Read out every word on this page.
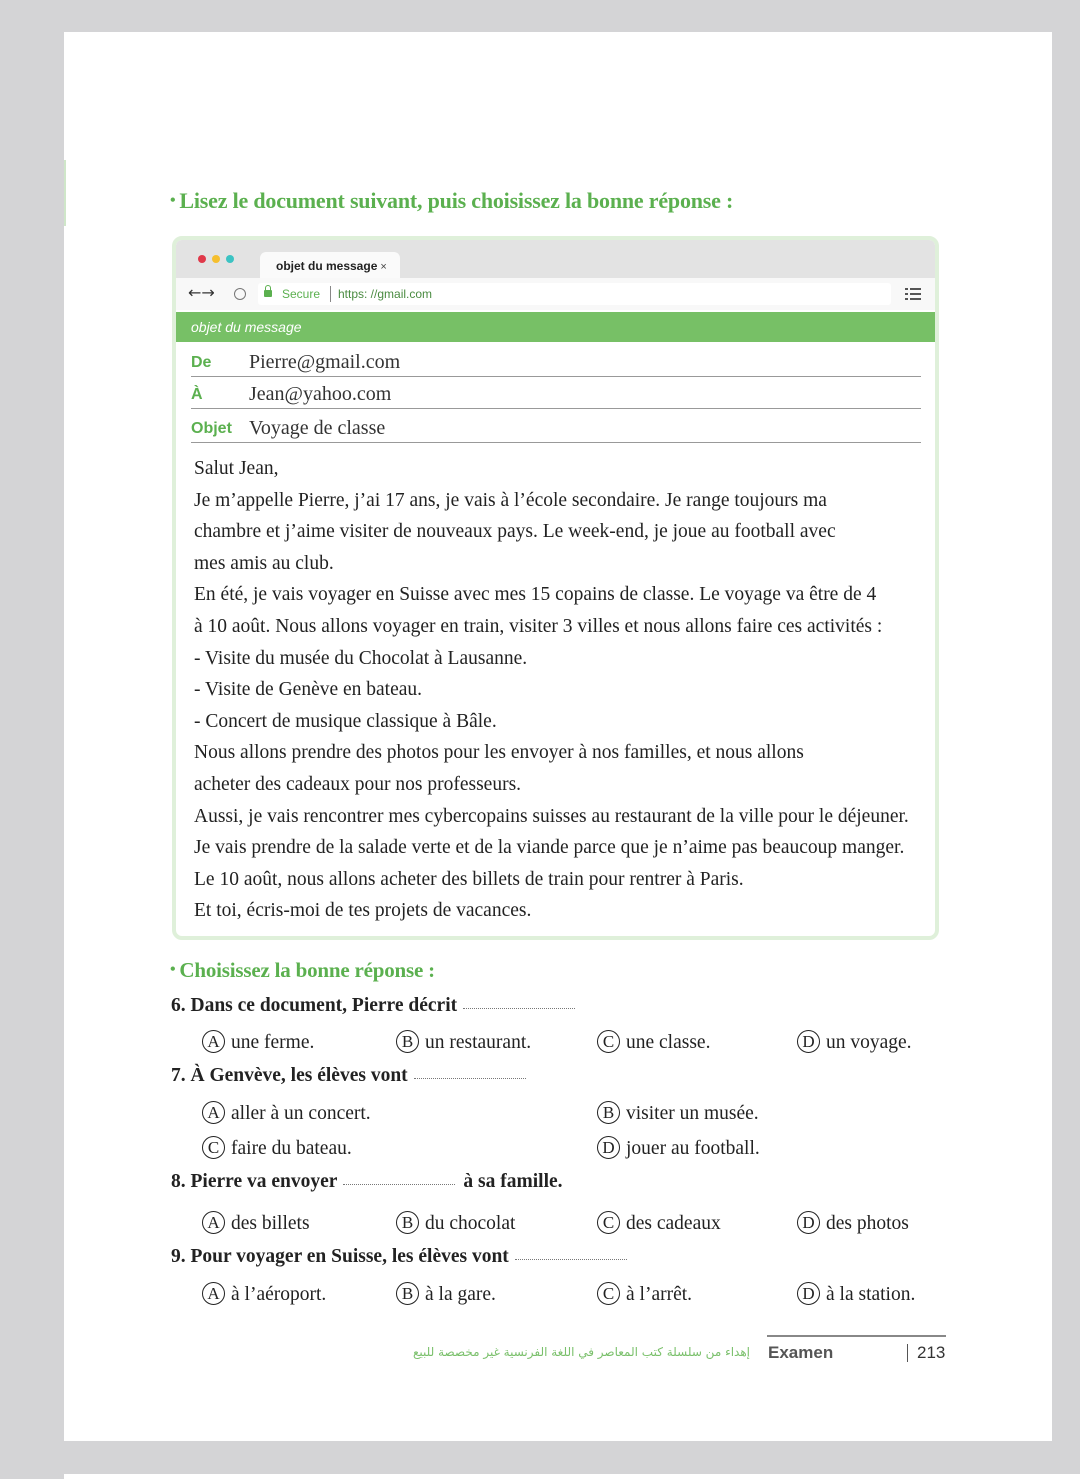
• Lisez le document suivant, puis choisissez la bonne réponse :
objet du message ×
←→	Secure https: //gmail.com
objet du message
De Pierre@gmail.com
À Jean@yahoo.com
Objet Voyage de classe
Salut Jean,
Je m’appelle Pierre, j’ai 17 ans, je vais à l’école secondaire. Je range toujours ma
chambre et j’aime visiter de nouveaux pays. Le week-end, je joue au football avec
mes amis au club.
En été, je vais voyager en Suisse avec mes 15 copains de classe. Le voyage va être de 4
à 10 août. Nous allons voyager en train, visiter 3 villes et nous allons faire ces activités :
- Visite du musée du Chocolat à Lausanne.
- Visite de Genève en bateau.
- Concert de musique classique à Bâle.
Nous allons prendre des photos pour les envoyer à nos familles, et nous allons
acheter des cadeaux pour nos professeurs.
Aussi, je vais rencontrer mes cybercopains suisses au restaurant de la ville pour le déjeuner.
Je vais prendre de la salade verte et de la viande parce que je n’aime pas beaucoup manger.
Le 10 août, nous allons acheter des billets de train pour rentrer à Paris.
Et toi, écris-moi de tes projets de vacances.
• Choisissez la bonne réponse :
6. Dans ce document, Pierre décrit
A une ferme.	B un restaurant.	C une classe.	D un voyage.
7. À Genvève, les élèves vont
A aller à un concert.	B visiter un musée.
C faire du bateau.	D jouer au football.
8. Pierre va envoyer	à sa famille.
A des billets	B du chocolat	C des cadeaux	D des photos
9. Pour voyager en Suisse, les élèves vont
A à l’aéroport.	B à la gare.	C à l’arrêt.	D à la station.
إهداء من سلسلة كتب المعاصر في اللغة الفرنسية غير مخصصة للبيع Examen	213
